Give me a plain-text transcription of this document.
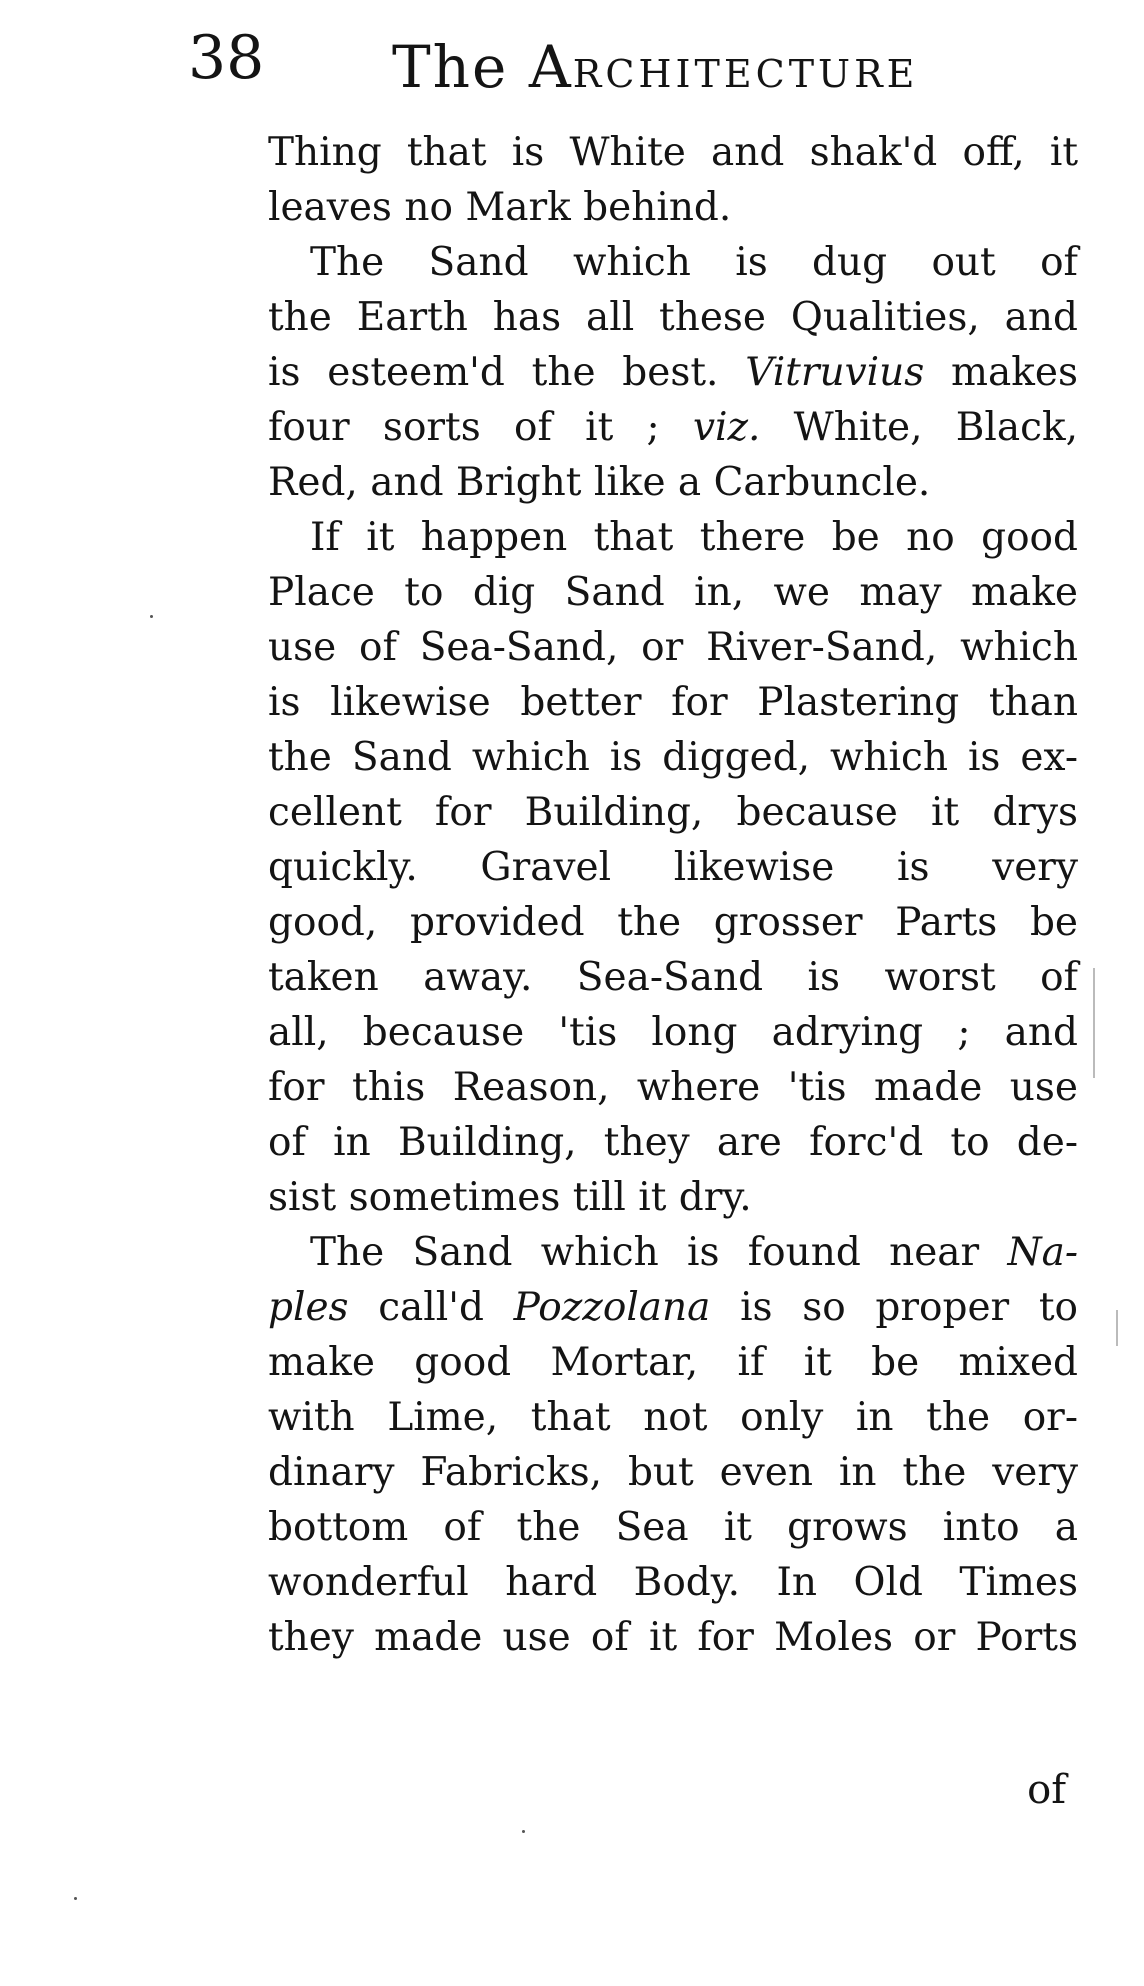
38 The ARCHITECTURE
Thing that is White and shak'd off, it
leaves no Mark behind.
The Sand which is dug out of
the Earth has all these Qualities, and
is esteem'd the best. Vitruvius makes
four sorts of it ; viz. White, Black,
Red, and Bright like a Carbuncle.
If it happen that there be no good
Place to dig Sand in, we may make
use of Sea-Sand, or River-Sand, which
is likewise better for Plastering than
the Sand which is digged, which is ex-
cellent for Building, because it drys
quickly. Gravel likewise is very
good, provided the grosser Parts be
taken away. Sea-Sand is worst of
all, because 'tis long adrying ; and
for this Reason, where 'tis made use
of in Building, they are forc'd to de-
sist sometimes till it dry.
The Sand which is found near Na-
ples call'd Pozzolana is so proper to
make good Mortar, if it be mixed
with Lime, that not only in the or-
dinary Fabricks, but even in the very
bottom of the Sea it grows into a
wonderful hard Body. In Old Times
they made use of it for Moles or Ports
of
